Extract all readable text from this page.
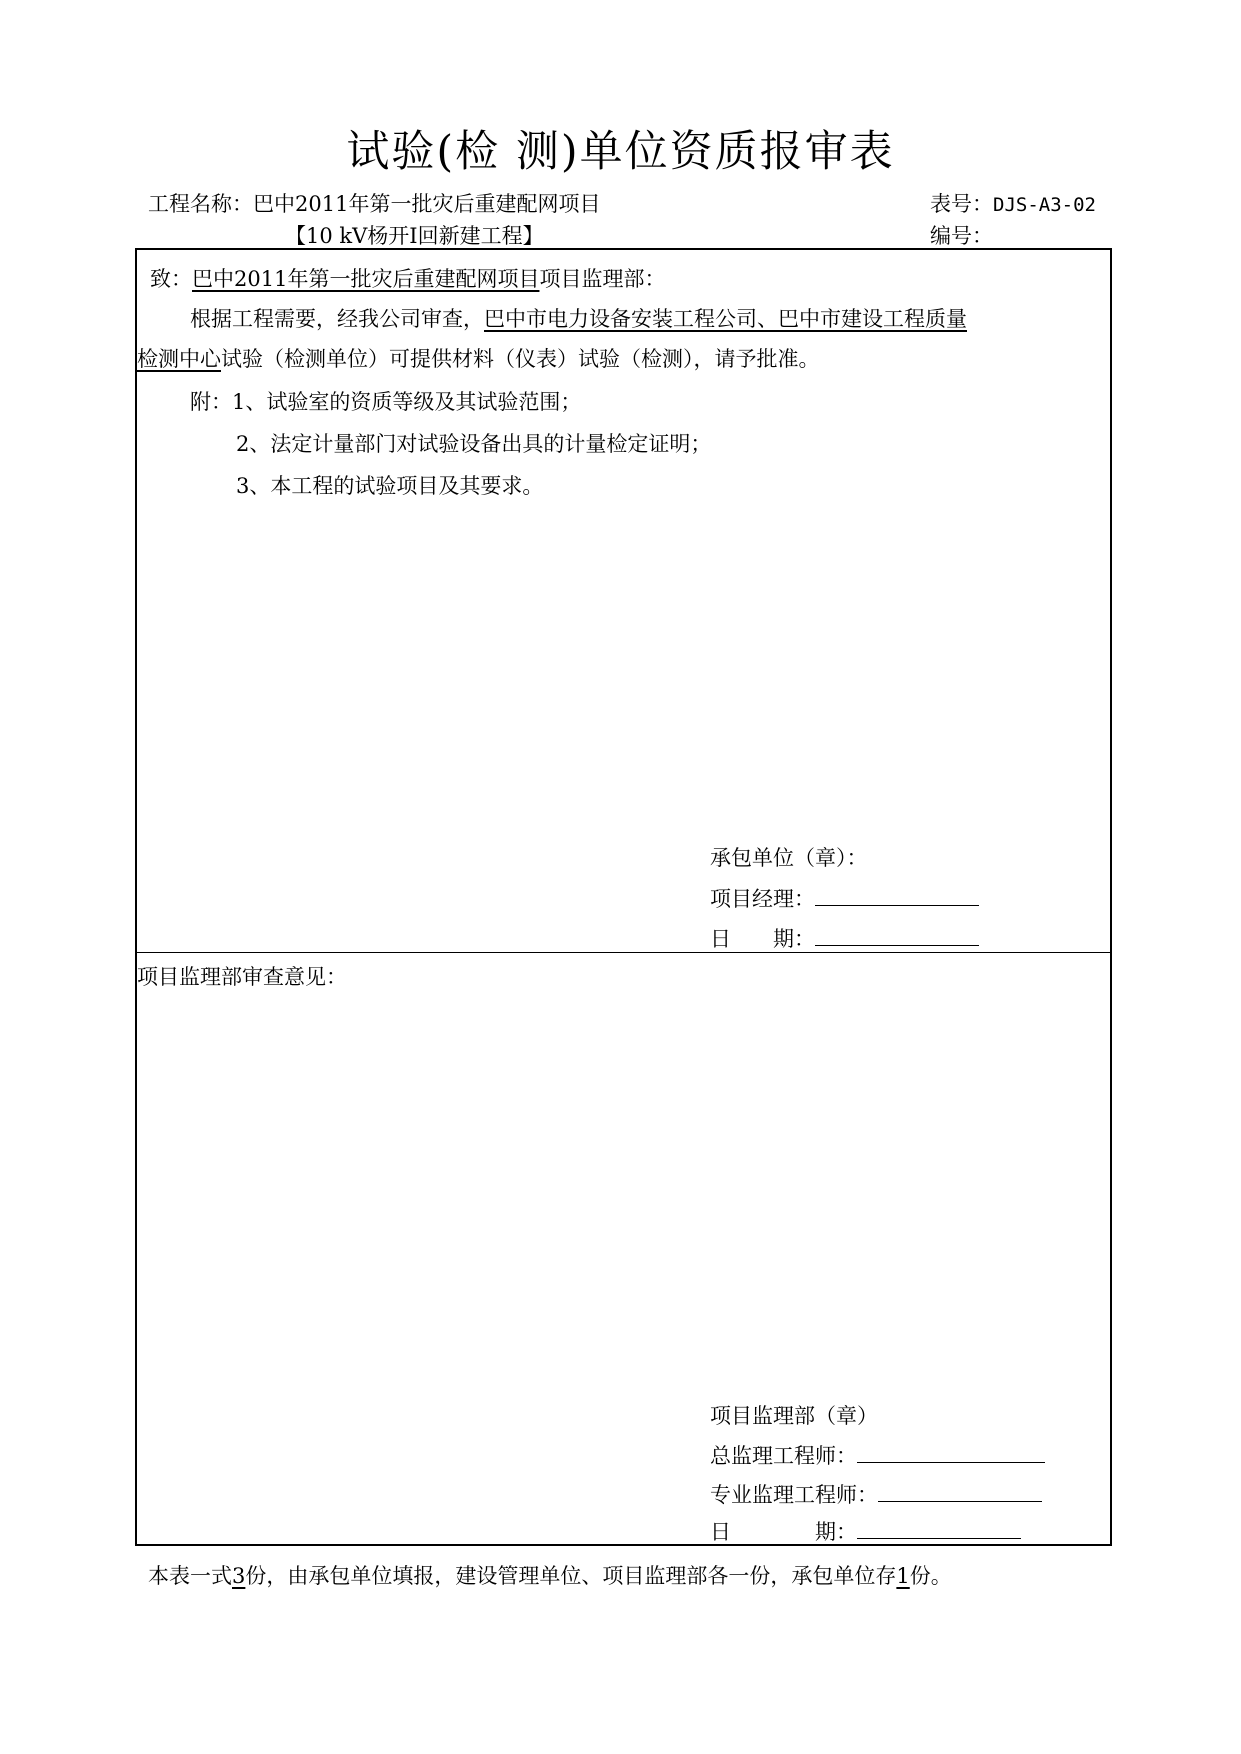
试验(检 测)单位资质报审表
工程名称：巴中2011年第一批灾后重建配网项目
【10 kV杨开Ⅰ回新建工程】
表号：DJS-A3-02
编号：
致：巴中2011年第一批灾后重建配网项目项目监理部：
根据工程需要，经我公司审查，巴中市电力设备安装工程公司、巴中市建设工程质量
检测中心试验（检测单位）可提供材料（仪表）试验（检测），请予批准。
附：1、试验室的资质等级及其试验范围；
2、法定计量部门对试验设备出具的计量检定证明；
3、本工程的试验项目及其要求。
承包单位（章）：
项目经理：
日　　期：
项目监理部审查意见：
项目监理部（章）
总监理工程师：
专业监理工程师：
日　　　　期：
本表一式3份，由承包单位填报，建设管理单位、项目监理部各一份，承包单位存1份。
